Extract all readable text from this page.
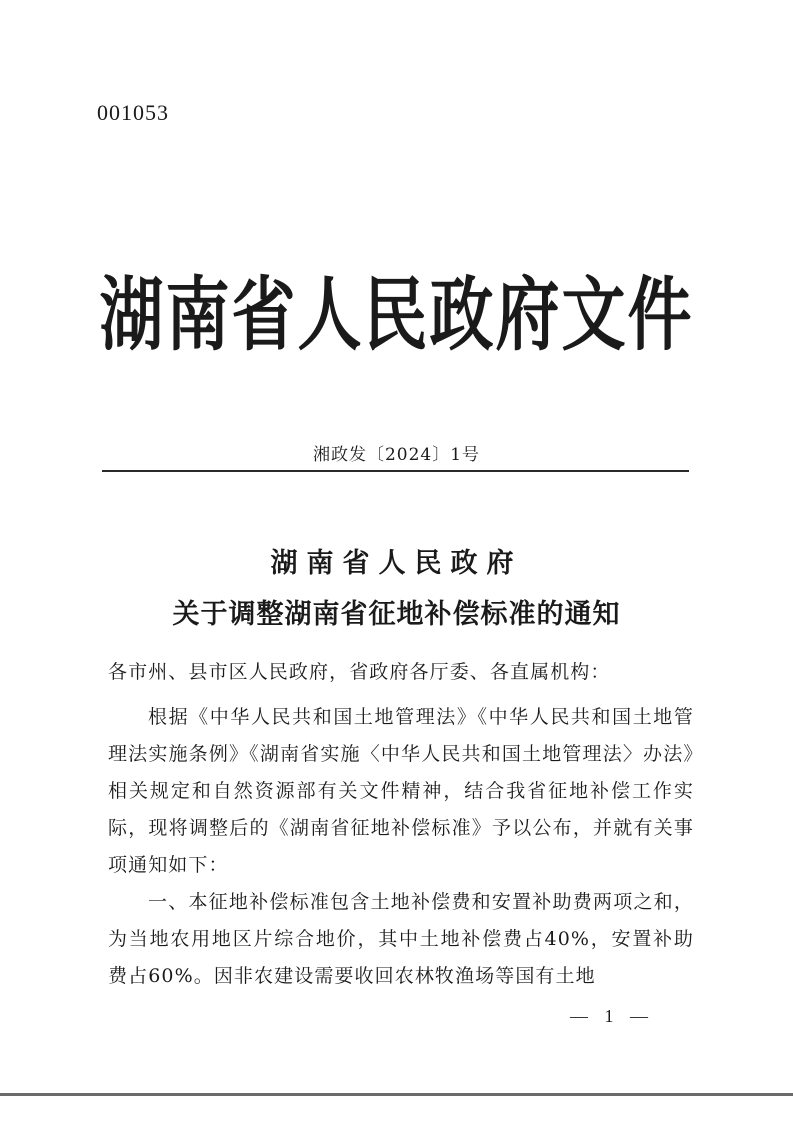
001053
湖南省人民政府文件
湘政发〔2024〕1号
湖南省人民政府
关于调整湖南省征地补偿标准的通知
各市州、县市区人民政府，省政府各厅委、各直属机构：
根据《中华人民共和国土地管理法》《中华人民共和国土地管理法实施条例》《湖南省实施〈中华人民共和国土地管理法〉办法》相关规定和自然资源部有关文件精神，结合我省征地补偿工作实际，现将调整后的《湖南省征地补偿标准》予以公布，并就有关事项通知如下：
一、本征地补偿标准包含土地补偿费和安置补助费两项之和，为当地农用地区片综合地价，其中土地补偿费占40%，安置补助费占60%。因非农建设需要收回农林牧渔场等国有土地
— 1 —
